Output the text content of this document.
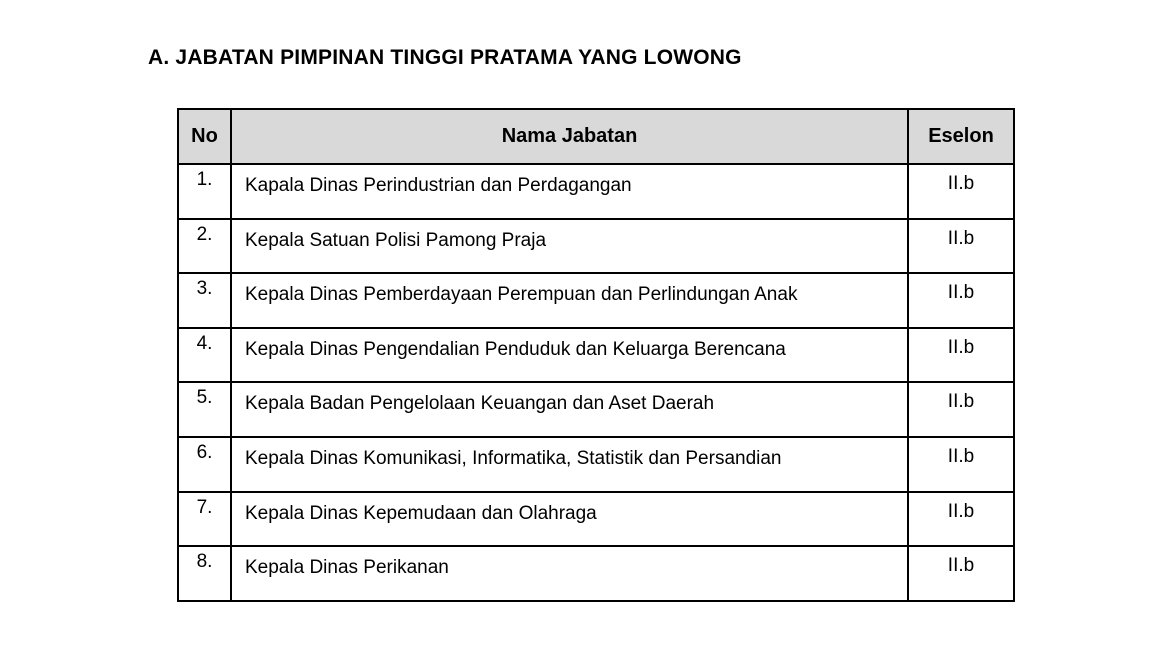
A. JABATAN PIMPINAN TINGGI PRATAMA YANG LOWONG
No	Nama Jabatan	Eselon
1.	Kapala Dinas Perindustrian dan Perdagangan	II.b
2.	Kepala Satuan Polisi Pamong Praja	II.b
3.	Kepala Dinas Pemberdayaan Perempuan dan Perlindungan Anak	II.b
4.	Kepala Dinas Pengendalian Penduduk dan Keluarga Berencana	II.b
5.	Kepala Badan Pengelolaan Keuangan dan Aset Daerah	II.b
6.	Kepala Dinas Komunikasi, Informatika, Statistik dan Persandian	II.b
7.	Kepala Dinas Kepemudaan dan Olahraga	II.b
8.	Kepala Dinas Perikanan	II.b
